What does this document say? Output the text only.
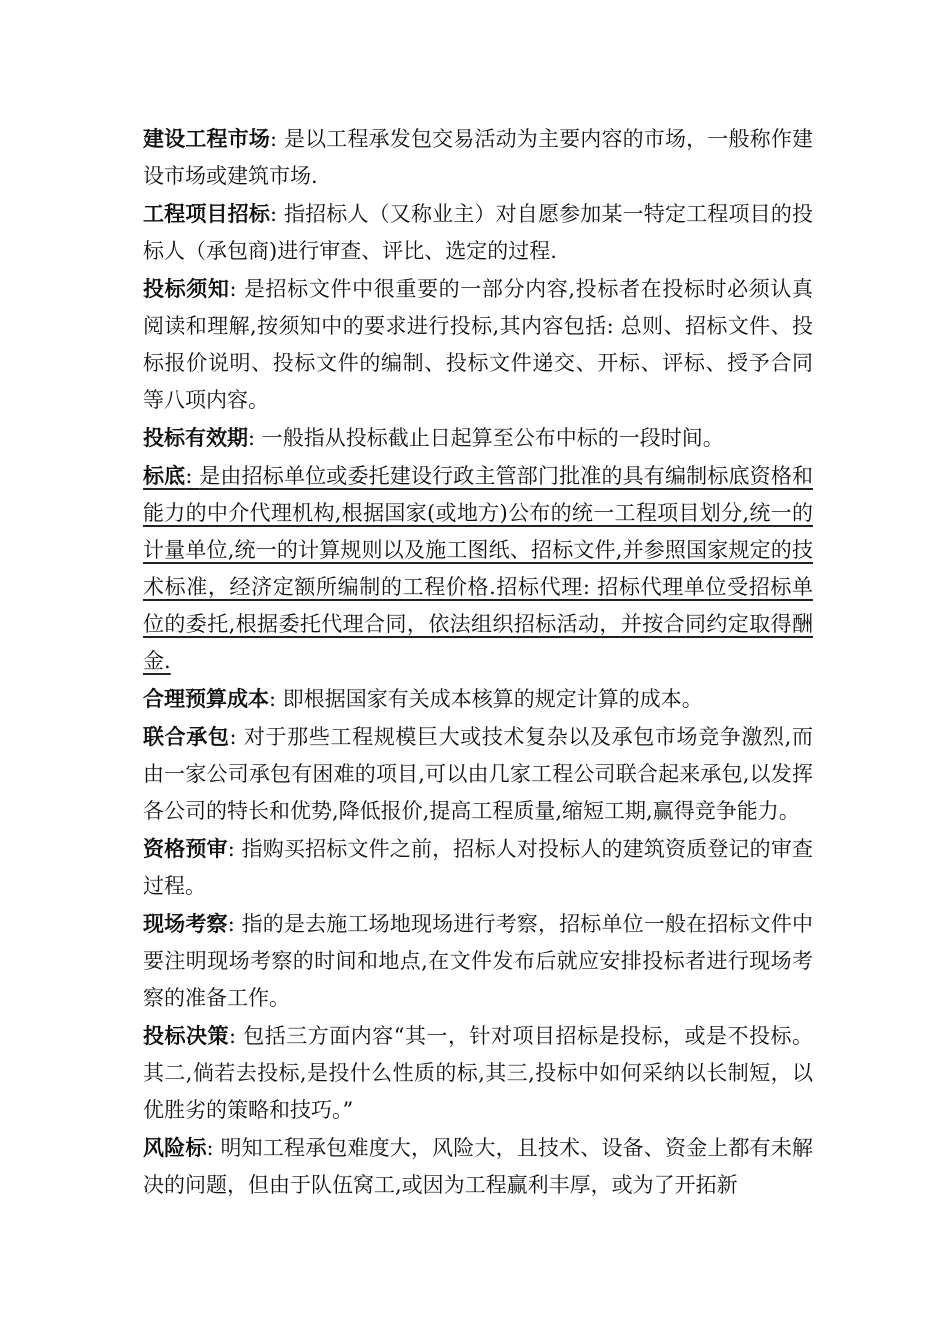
建设工程市场: 是以工程承发包交易活动为主要内容的市场，一般称作建设市场或建筑市场.

工程项目招标: 指招标人（又称业主）对自愿参加某一特定工程项目的投标人（承包商)进行审查、评比、选定的过程.

投标须知: 是招标文件中很重要的一部分内容,投标者在投标时必须认真阅读和理解,按须知中的要求进行投标,其内容包括: 总则、招标文件、投标报价说明、投标文件的编制、投标文件递交、开标、评标、授予合同等八项内容。

投标有效期: 一般指从投标截止日起算至公布中标的一段时间。

标底: 是由招标单位或委托建设行政主管部门批准的具有编制标底资格和能力的中介代理机构,根据国家(或地方)公布的统一工程项目划分,统一的计量单位,统一的计算规则以及施工图纸、招标文件,并参照国家规定的技术标准，经济定额所编制的工程价格.招标代理: 招标代理单位受招标单位的委托,根据委托代理合同，依法组织招标活动，并按合同约定取得酬金.

合理预算成本: 即根据国家有关成本核算的规定计算的成本。

联合承包: 对于那些工程规模巨大或技术复杂以及承包市场竞争激烈,而由一家公司承包有困难的项目,可以由几家工程公司联合起来承包,以发挥各公司的特长和优势,降低报价,提高工程质量,缩短工期,赢得竞争能力。

资格预审: 指购买招标文件之前，招标人对投标人的建筑资质登记的审查过程。

现场考察: 指的是去施工场地现场进行考察，招标单位一般在招标文件中要注明现场考察的时间和地点,在文件发布后就应安排投标者进行现场考察的准备工作。

投标决策: 包括三方面内容“其一，针对项目招标是投标，或是不投标。其二,倘若去投标,是投什么性质的标,其三,投标中如何采纳以长制短，以优胜劣的策略和技巧。”

风险标: 明知工程承包难度大，风险大，且技术、设备、资金上都有未解决的问题，但由于队伍窝工,或因为工程赢利丰厚，或为了开拓新
